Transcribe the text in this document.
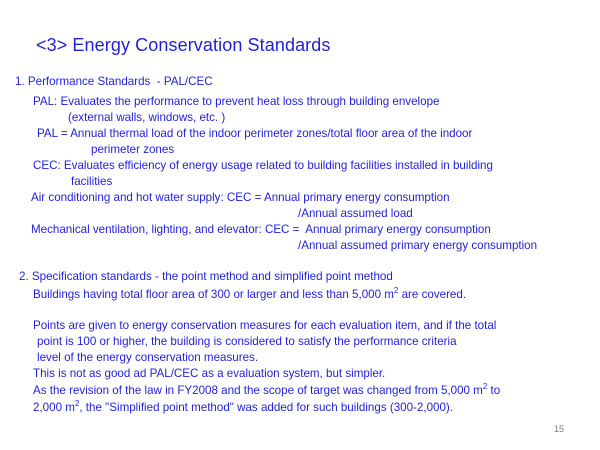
<3> Energy Conservation Standards
1. Performance Standards  - PAL/CEC
PAL: Evaluates the performance to prevent heat loss through building envelope
(external walls, windows, etc. )
PAL = Annual thermal load of the indoor perimeter zones/total floor area of the indoor
perimeter zones
CEC: Evaluates efficiency of energy usage related to building facilities installed in building
facilities
Air conditioning and hot water supply: CEC = Annual primary energy consumption
/Annual assumed load
Mechanical ventilation, lighting, and elevator: CEC =  Annual primary energy consumption
/Annual assumed primary energy consumption
2. Specification standards - the point method and simplified point method
Buildings having total floor area of 300 or larger and less than 5,000 $m^2$ are covered.
Points are given to energy conservation measures for each evaluation item, and if the total
point is 100 or higher, the building is considered to satisfy the performance criteria
level of the energy conservation measures.
This is not as good ad PAL/CEC as a evaluation system, but simpler.
As the revision of the law in FY2008 and the scope of target was changed from 5,000 $m^2$ to
2,000 $m^2$, the "Simplified point method" was added for such buildings (300-2,000).
15
